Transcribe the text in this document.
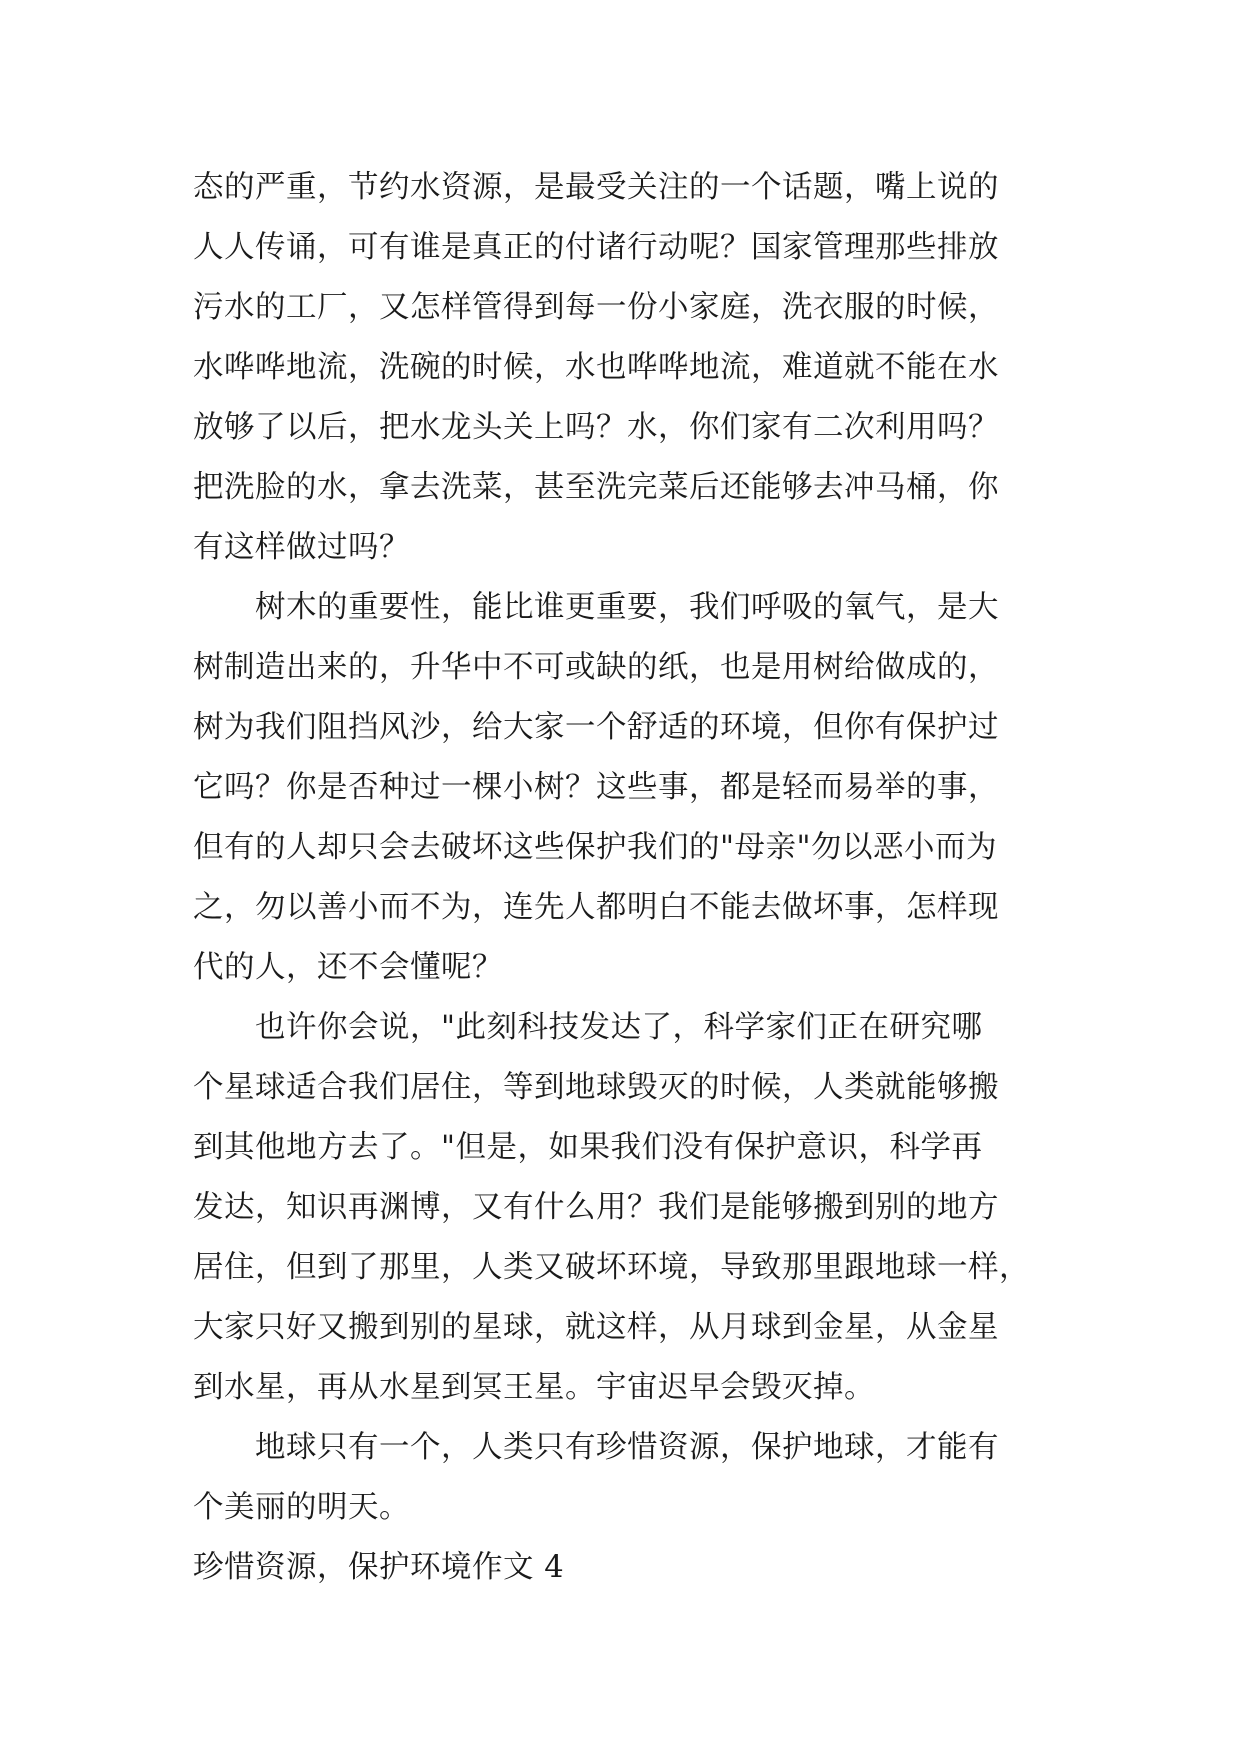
态的严重，节约水资源，是最受关注的一个话题，嘴上说的
人人传诵，可有谁是真正的付诸行动呢？国家管理那些排放
污水的工厂，又怎样管得到每一份小家庭，洗衣服的时候，
水哗哗地流，洗碗的时候，水也哗哗地流，难道就不能在水
放够了以后，把水龙头关上吗？水，你们家有二次利用吗？
把洗脸的水，拿去洗菜，甚至洗完菜后还能够去冲马桶，你
有这样做过吗？
树木的重要性，能比谁更重要，我们呼吸的氧气，是大
树制造出来的，升华中不可或缺的纸，也是用树给做成的，
树为我们阻挡风沙，给大家一个舒适的环境，但你有保护过
它吗？你是否种过一棵小树？这些事，都是轻而易举的事，
但有的人却只会去破坏这些保护我们的"母亲"勿以恶小而为
之，勿以善小而不为，连先人都明白不能去做坏事，怎样现
代的人，还不会懂呢？
也许你会说，"此刻科技发达了，科学家们正在研究哪
个星球适合我们居住，等到地球毁灭的时候，人类就能够搬
到其他地方去了。"但是，如果我们没有保护意识，科学再
发达，知识再渊博，又有什么用？我们是能够搬到别的地方
居住，但到了那里，人类又破坏环境，导致那里跟地球一样，
大家只好又搬到别的星球，就这样，从月球到金星，从金星
到水星，再从水星到冥王星。宇宙迟早会毁灭掉。
地球只有一个，人类只有珍惜资源，保护地球，才能有
个美丽的明天。
珍惜资源，保护环境作文 4
